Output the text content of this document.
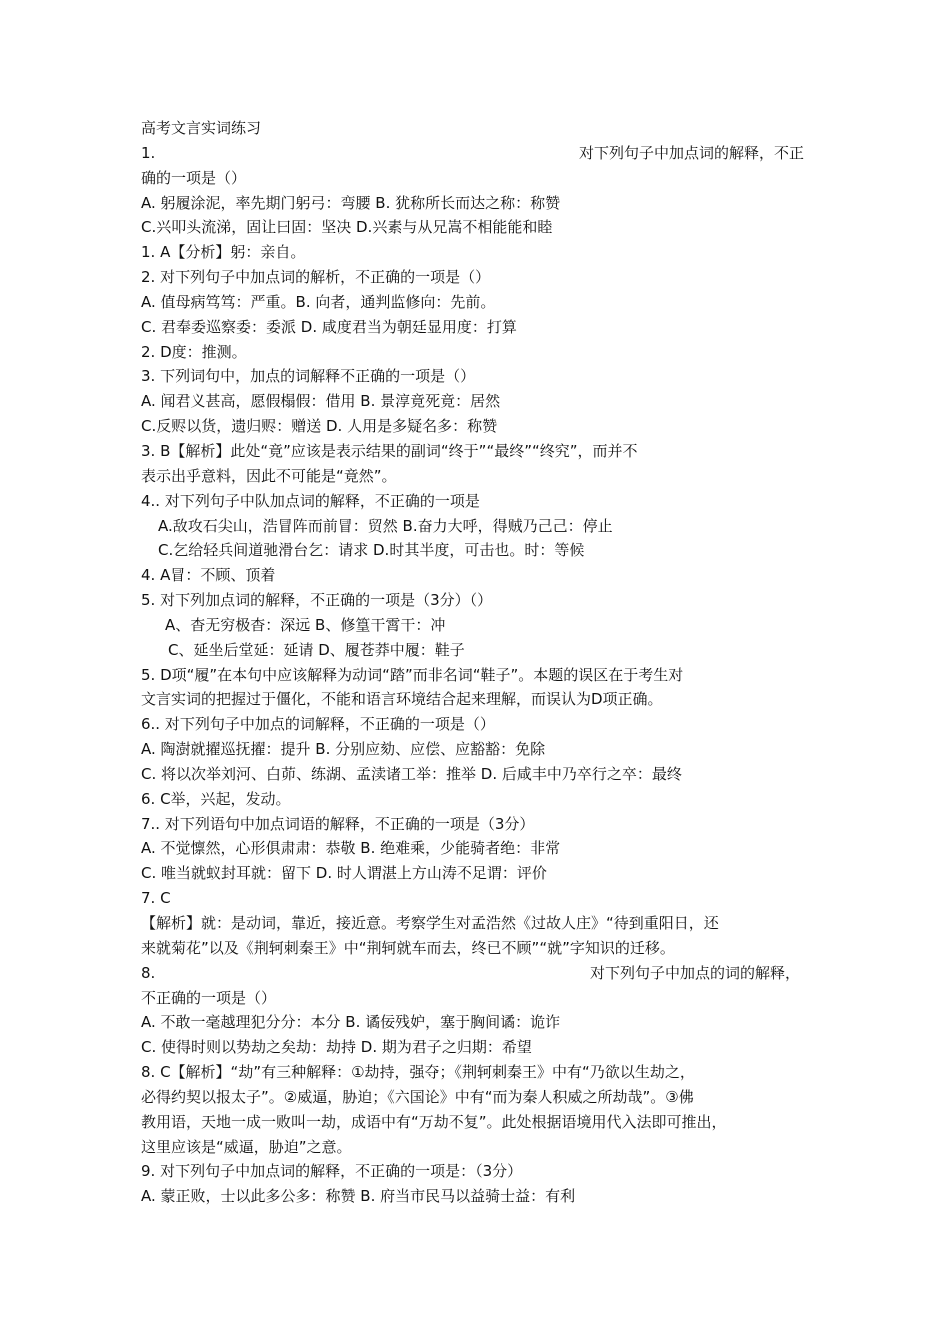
高考文言实词练习
1.	对下列句子中加点词的解释，不正
确的一项是（）
A. 躬履涂泥，率先期门躬弓：弯腰 B. 犹称所长而达之称：称赞
C.兴叩头流涕，固让曰固：坚决 D.兴素与从兄嵩不相能能和睦
1. A【分析】躬：亲自。
2. 对下列句子中加点词的解析，不正确的一项是（）
A. 值母病笃笃：严重。B. 向者，通判监修向：先前。
C. 君奉委巡察委：委派 D. 咸度君当为朝廷显用度：打算
2. D度：推测。
3. 下列词句中，加点的词解释不正确的一项是（）
A. 闻君义甚高，愿假榻假：借用 B. 景淳竟死竟：居然
C.反赆以货，遗归赆：赠送 D. 人用是多疑名多：称赞
3. B【解析】此处“竟”应该是表示结果的副词“终于”“最终”“终究”，而并不
表示出乎意料，因此不可能是“竟然”。
4.. 对下列句子中队加点词的解释，不正确的一项是
A.敌攻石尖山，浩冒阵而前冒：贸然 B.奋力大呼，得贼乃己己：停止
C.乞给轻兵间道驰滑台乞：请求 D.时其半度，可击也。时：等候
4. A冒：不顾、顶着
5. 对下列加点词的解释，不正确的一项是（3分）（）
A、杳无穷极杳：深远 B、修篁干霄干：冲
C、延坐后堂延：延请 D、履苍莽中履：鞋子
5. D项“履”在本句中应该解释为动词“踏”而非名词“鞋子”。本题的误区在于考生对
文言实词的把握过于僵化，不能和语言环境结合起来理解，而误认为D项正确。
6.. 对下列句子中加点的词解释，不正确的一项是（）
A. 陶澍就擢巡抚擢：提升 B. 分别应劾、应偿、应豁豁：免除
C. 将以次举刘河、白茆、练湖、孟渎诸工举：推举 D. 后咸丰中乃卒行之卒：最终
6. C举，兴起，发动。
7.. 对下列语句中加点词语的解释，不正确的一项是（3分）
A. 不觉懔然，心形俱肃肃：恭敬 B. 绝难乘，少能骑者绝：非常
C. 唯当就蚁封耳就：留下 D. 时人谓湛上方山涛不足谓：评价
7. C
【解析】就：是动词，靠近，接近意。考察学生对孟浩然《过故人庄》“待到重阳日，还
来就菊花”以及《荆轲刺秦王》中“荆轲就车而去，终已不顾”“就”字知识的迁移。
8.	对下列句子中加点的词的解释，
不正确的一项是（）
A. 不敢一毫越理犯分分：本分 B. 谲佞残妒，塞于胸间谲：诡诈
C. 使得时则以势劫之矣劫：劫持 D. 期为君子之归期：希望
8. C【解析】“劫”有三种解释：①劫持，强夺；《荆轲刺秦王》中有“乃欲以生劫之，
必得约契以报太子”。②威逼，胁迫；《六国论》中有“而为秦人积威之所劫哉”。③佛
教用语，天地一成一败叫一劫，成语中有“万劫不复”。此处根据语境用代入法即可推出，
这里应该是“威逼，胁迫”之意。
9. 对下列句子中加点词的解释，不正确的一项是：（3分）
A. 蒙正败，士以此多公多：称赞 B. 府当市民马以益骑士益：有利
